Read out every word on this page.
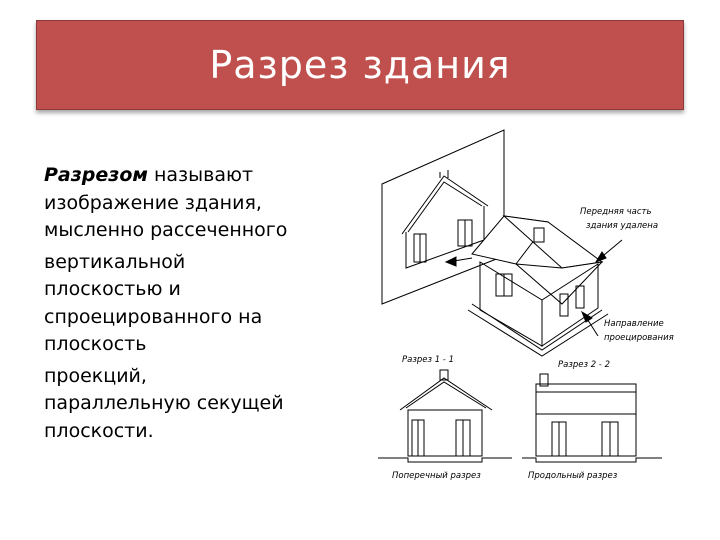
Разрез здания

Разрезом называют
изображение здания,
мысленно рассеченного

вертикальной
плоскостью и
спроецированного на
плоскость

проекций,
параллельную секущей
плоскости.

Передняя часть
здания удалена
Направление
проецирования
Разрез 1 - 1	Разрез 2 - 2
Поперечный разрез	Продольный разрез
